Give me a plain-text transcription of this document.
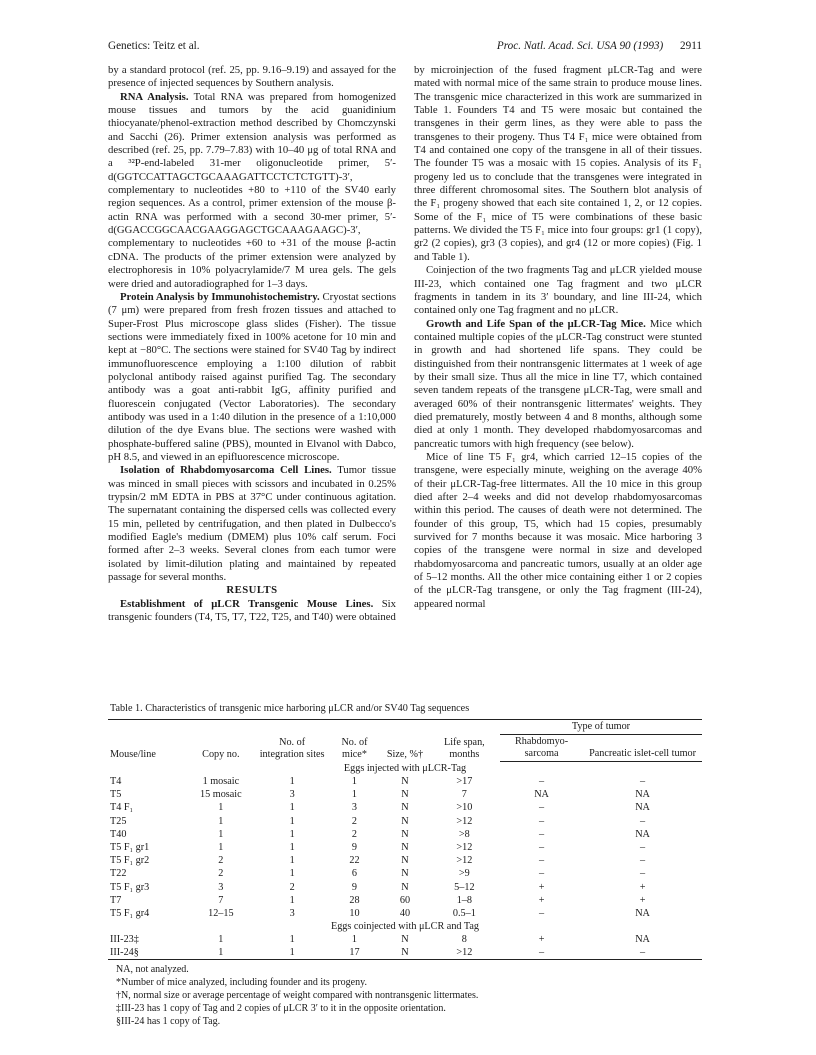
Genetics: Teitz et al.	Proc. Natl. Acad. Sci. USA 90 (1993) 2911

by a standard protocol (ref. 25, pp. 9.16–9.19) and assayed for the presence of injected sequences by Southern analysis.

RNA Analysis. Total RNA was prepared from homogenized mouse tissues and tumors by the acid guanidinium thiocyanate/phenol-extraction method described by Chomczynski and Sacchi (26). Primer extension analysis was performed as described (ref. 25, pp. 7.79–7.83) with 10–40 μg of total RNA and a ³²P-end-labeled 31-mer oligonucleotide primer, 5′-d(GGTCCATTAGCTGCAAAGATTCCTCTCTGTT)-3′, complementary to nucleotides +80 to +110 of the SV40 early region sequences. As a control, primer extension of the mouse β-actin RNA was performed with a second 30-mer primer, 5′-d(GGACCGGCAACGAAGGAGCTGCAAAGAAGC)-3′, complementary to nucleotides +60 to +31 of the mouse β-actin cDNA. The products of the primer extension were analyzed by electrophoresis in 10% polyacrylamide/7 M urea gels. The gels were dried and autoradiographed for 1–3 days.

Protein Analysis by Immunohistochemistry. Cryostat sections (7 μm) were prepared from fresh frozen tissues and attached to Super-Frost Plus microscope glass slides (Fisher). The tissue sections were immediately fixed in 100% acetone for 10 min and kept at −80°C. The sections were stained for SV40 Tag by indirect immunofluorescence employing a 1:100 dilution of rabbit polyclonal antibody raised against purified Tag. The secondary antibody was a goat anti-rabbit IgG, affinity purified and fluorescein conjugated (Vector Laboratories). The secondary antibody was used in a 1:40 dilution in the presence of a 1:10,000 dilution of the dye Evans blue. The sections were washed with phosphate-buffered saline (PBS), mounted in Elvanol with Dabco, pH 8.5, and viewed in an epifluorescence microscope.

Isolation of Rhabdomyosarcoma Cell Lines. Tumor tissue was minced in small pieces with scissors and incubated in 0.25% trypsin/2 mM EDTA in PBS at 37°C under continuous agitation. The supernatant containing the dispersed cells was collected every 15 min, pelleted by centrifugation, and then plated in Dulbecco's modified Eagle's medium (DMEM) plus 10% calf serum. Foci formed after 2–3 weeks. Several clones from each tumor were isolated by limit-dilution plating and maintained by repeated passage for several months.

RESULTS

Establishment of μLCR Transgenic Mouse Lines. Six transgenic founders (T4, T5, T7, T22, T25, and T40) were obtained

by microinjection of the fused fragment μLCR-Tag and were mated with normal mice of the same strain to produce mouse lines. The transgenic mice characterized in this work are summarized in Table 1. Founders T4 and T5 were mosaic but contained the transgenes in their germ lines, as they were able to pass the transgenes to their progeny. Thus T4 F₁ mice were obtained from T4 and contained one copy of the transgene in all of their tissues. The founder T5 was a mosaic with 15 copies. Analysis of its F₁ progeny led us to conclude that the transgenes were integrated in three different chromosomal sites. The Southern blot analysis of the F₁ progeny showed that each site contained 1, 2, or 12 copies. Some of the F₁ mice of T5 were combinations of these basic patterns. We divided the T5 F₁ mice into four groups: gr1 (1 copy), gr2 (2 copies), gr3 (3 copies), and gr4 (12 or more copies) (Fig. 1 and Table 1).

Coinjection of the two fragments Tag and μLCR yielded mouse III-23, which contained one Tag fragment and two μLCR fragments in tandem in its 3′ boundary, and line III-24, which contained only one Tag fragment and no μLCR.

Growth and Life Span of the μLCR-Tag Mice. Mice which contained multiple copies of the μLCR-Tag construct were stunted in growth and had shortened life spans. They could be distinguished from their nontransgenic littermates at 1 week of age by their small size. Thus all the mice in line T7, which contained seven tandem repeats of the transgene μLCR-Tag, were small and averaged 60% of their nontransgenic littermates' weights. They died prematurely, mostly between 4 and 8 months, although some died at only 1 month. They developed rhabdomyosarcomas and pancreatic tumors with high frequency (see below).

Mice of line T5 F₁ gr4, which carried 12–15 copies of the transgene, were especially minute, weighing on the average 40% of their μLCR-Tag-free littermates. All the 10 mice in this group died after 2–4 weeks and did not develop rhabdomyosarcomas within this period. The causes of death were not determined. The founder of this group, T5, which had 15 copies, presumably survived for 7 months because it was mosaic. Mice harboring 3 copies of the transgene were normal in size and developed rhabdomyosarcoma and pancreatic tumors, usually at an older age of 5–12 months. All the other mice containing either 1 or 2 copies of the μLCR-Tag transgene, or only the Tag fragment (III-24), appeared normal

Table 1. Characteristics of transgenic mice harboring μLCR and/or SV40 Tag sequences
Mouse/line	Copy no.	No. of integration sites	No. of mice*	Size, %†	Life span, months	Type of tumor	
						Rhabdomyo-sarcoma	Pancreatic islet-cell tumor
Eggs injected with μLCR-Tag							
T4	1 mosaic	1	1	N	>17	–	–
T5	15 mosaic	3	1	N	7	NA	NA
T4 F₁	1	1	3	N	>10	–	NA
T25	1	1	2	N	>12	–	–
T40	1	1	2	N	>8	–	NA
T5 F₁ gr1	1	1	9	N	>12	–	–
T5 F₁ gr2	2	1	22	N	>12	–	–
T22	2	1	6	N	>9	–	–
T5 F₁ gr3	3	2	9	N	5–12	+	+
T7	7	1	28	60	1–8	+	+
T5 F₁ gr4	12–15	3	10	40	0.5–1	–	NA
Eggs coinjected with μLCR and Tag							
III-23‡	1	1	1	N	8	+	NA
III-24§	1	1	17	N	>12	–	–
NA, not analyzed.
*Number of mice analyzed, including founder and its progeny.
†N, normal size or average percentage of weight compared with nontransgenic littermates.
‡III-23 has 1 copy of Tag and 2 copies of μLCR 3′ to it in the opposite orientation.
§III-24 has 1 copy of Tag.
